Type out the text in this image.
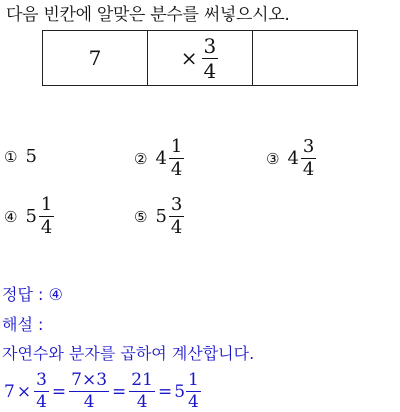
다음 빈칸에 알맞은 분수를 써넣으시오.
7	× $\frac{3}{4}$
① 5	② $4 \frac{1}{4}$	③ $4 \frac{3}{4}$
④ $5 \frac{1}{4}$	⑤ $5 \frac{3}{4}$
정답 : ④
해설 :
자연수와 분자를 곱하여 계산합니다.
$7 \times \frac{3}{4} = \frac{7\times 3}{4} = \frac{21}{4} = 5 \frac{1}{4}$
